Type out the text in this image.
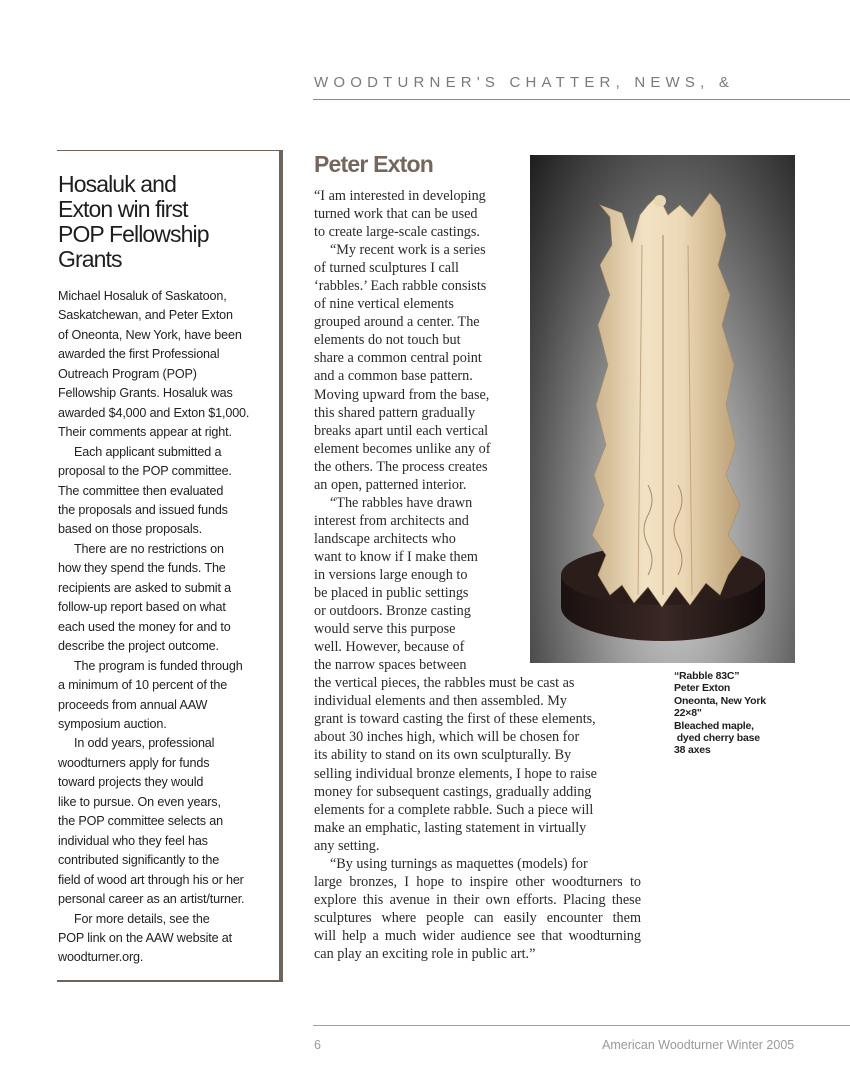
WOODTURNER'S CHATTER, NEWS, &
Hosaluk and
Exton win first
POP Fellowship
Grants

Michael Hosaluk of Saskatoon,
Saskatchewan, and Peter Exton
of Oneonta, New York, have been
awarded the first Professional
Outreach Program (POP)
Fellowship Grants. Hosaluk was
awarded $4,000 and Exton $1,000.
Their comments appear at right.

Each applicant submitted a
proposal to the POP committee.
The committee then evaluated
the proposals and issued funds
based on those proposals.

There are no restrictions on
how they spend the funds. The
recipients are asked to submit a
follow-up report based on what
each used the money for and to
describe the project outcome.

The program is funded through
a minimum of 10 percent of the
proceeds from annual AAW
symposium auction.

In odd years, professional
woodturners apply for funds
toward projects they would
like to pursue. On even years,
the POP committee selects an
individual who they feel has
contributed significantly to the
field of wood art through his or her
personal career as an artist/turner.

For more details, see the
POP link on the AAW website at
woodturner.org.

Peter Exton
“I am interested in developing
turned work that can be used
to create large-scale castings.
“My recent work is a series
of turned sculptures I call
‘rabbles.’ Each rabble consists
of nine vertical elements
grouped around a center. The
elements do not touch but
share a common central point
and a common base pattern.
Moving upward from the base,
this shared pattern gradually
breaks apart until each vertical
element becomes unlike any of
the others. The process creates
an open, patterned interior.
“The rabbles have drawn
interest from architects and
landscape architects who
want to know if I make them
in versions large enough to
be placed in public settings
or outdoors. Bronze casting
would serve this purpose
well. However, because of
the narrow spaces between
the vertical pieces, the rabbles must be cast as
individual elements and then assembled. My
grant is toward casting the first of these elements,
about 30 inches high, which will be chosen for
its ability to stand on its own sculpturally. By
selling individual bronze elements, I hope to raise
money for subsequent castings, gradually adding
elements for a complete rabble. Such a piece will
make an emphatic, lasting statement in virtually
any setting.
“By using turnings as maquettes (models) for
large bronzes, I hope to inspire other woodturners to
explore this avenue in their own efforts. Placing these
sculptures where people can easily encounter them
will help a much wider audience see that woodturning
can play an exciting role in public art.”
“Rabble 83C”
Peter Exton
Oneonta, New York
22×8"
Bleached maple,
dyed cherry base
38 axes
6	American Woodturner Winter 2005
